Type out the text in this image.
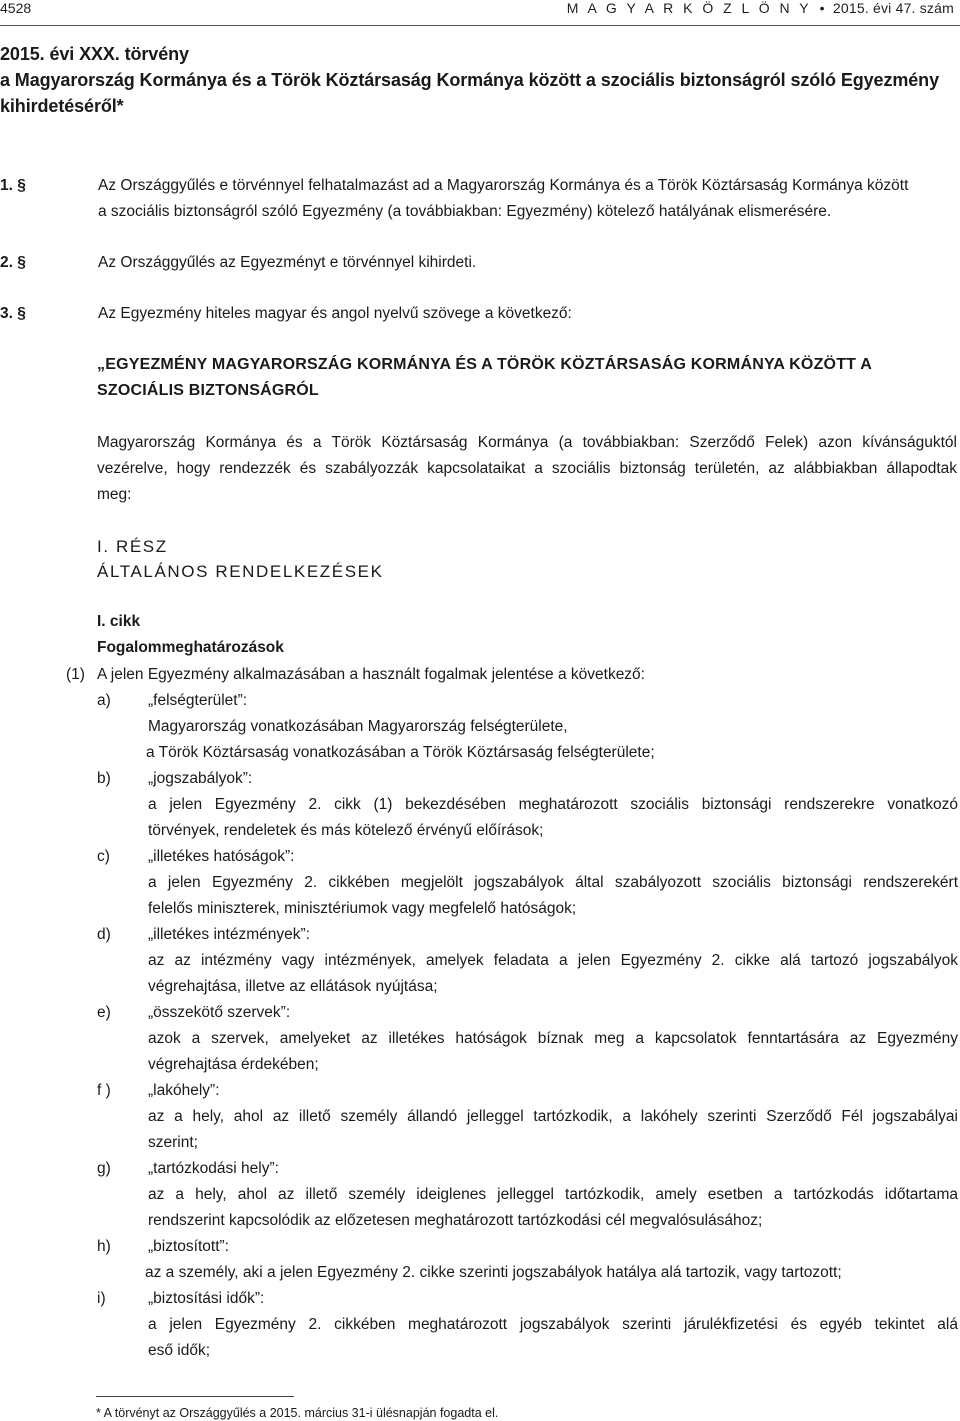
4528	M A G Y A R K Ö Z L Ö N Y • 2015. évi 47. szám
2015. évi XXX. törvény
a Magyarország Kormánya és a Török Köztársaság Kormánya között a szociális biztonságról szóló Egyezmény
kihirdetéséről*
1. §	Az Országgyűlés e törvénnyel felhatalmazást ad a Magyarország Kormánya és a Török Köztársaság Kormánya között
a szociális biztonságról szóló Egyezmény (a továbbiakban: Egyezmény) kötelező hatályának elismerésére.
2. §	Az Országgyűlés az Egyezményt e törvénnyel kihirdeti.
3. §	Az Egyezmény hiteles magyar és angol nyelvű szövege a következő:
„EGYEZMÉNY MAGYARORSZÁG KORMÁNYA ÉS A TÖRÖK KÖZTÁRSASÁG KORMÁNYA KÖZÖTT A
SZOCIÁLIS BIZTONSÁGRÓL
Magyarország Kormánya és a Török Köztársaság Kormánya (a továbbiakban: Szerződő Felek) azon kívánságuktól
vezérelve, hogy rendezzék és szabályozzák kapcsolataikat a szociális biztonság területén, az alábbiakban állapodtak
meg:
I. RÉSZ
ÁLTALÁNOS RENDELKEZÉSEK
I. cikk
Fogalommeghatározások
(1) A jelen Egyezmény alkalmazásában a használt fogalmak jelentése a következő:
a) „felségterület”:
Magyarország vonatkozásában Magyarország felségterülete,
a Török Köztársaság vonatkozásában a Török Köztársaság felségterülete;
b) „jogszabályok”:
a jelen Egyezmény 2. cikk (1) bekezdésében meghatározott szociális biztonsági rendszerekre vonatkozó
törvények, rendeletek és más kötelező érvényű előírások;
c) „illetékes hatóságok”:
a jelen Egyezmény 2. cikkében megjelölt jogszabályok által szabályozott szociális biztonsági rendszerekért
felelős miniszterek, minisztériumok vagy megfelelő hatóságok;
d) „illetékes intézmények”:
az az intézmény vagy intézmények, amelyek feladata a jelen Egyezmény 2. cikke alá tartozó jogszabályok
végrehajtása, illetve az ellátások nyújtása;
e) „összekötő szervek”:
azok a szervek, amelyeket az illetékes hatóságok bíznak meg a kapcsolatok fenntartására az Egyezmény
végrehajtása érdekében;
f ) „lakóhely”:
az a hely, ahol az illető személy állandó jelleggel tartózkodik, a lakóhely szerinti Szerződő Fél jogszabályai
szerint;
g) „tartózkodási hely”:
az a hely, ahol az illető személy ideiglenes jelleggel tartózkodik, amely esetben a tartózkodás időtartama
rendszerint kapcsolódik az előzetesen meghatározott tartózkodási cél megvalósulásához;
h) „biztosított”:
az a személy, aki a jelen Egyezmény 2. cikke szerinti jogszabályok hatálya alá tartozik, vagy tartozott;
i)	„biztosítási idők”:
a jelen Egyezmény 2. cikkében meghatározott jogszabályok szerinti járulékfizetési és egyéb tekintet alá
eső idők;
* A törvényt az Országgyűlés a 2015. március 31-i ülésnapján fogadta el.
